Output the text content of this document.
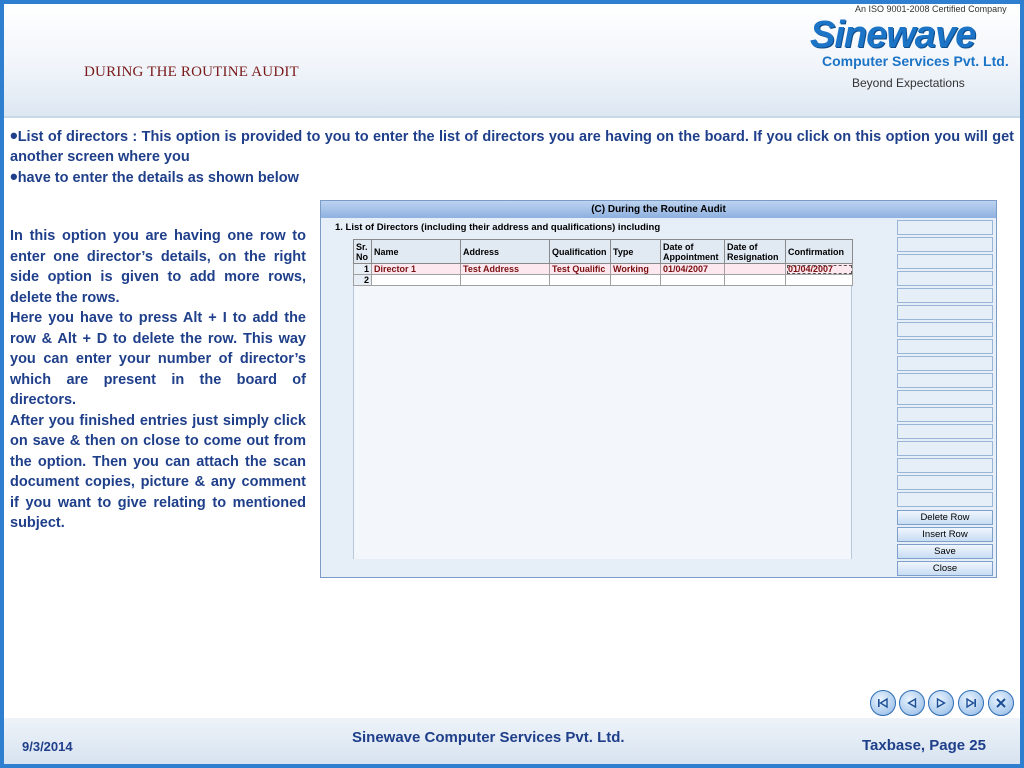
DURING THE ROUTINE AUDIT
An ISO 9001-2008 Certified Company
Sinewave
Computer Services Pvt. Ltd.
Beyond Expectations

•List of directors : This option is provided to you to enter the list of directors you are having on the board. If you click on this option you will get another screen where you

•have to enter the details as shown below

In this option you are having one row to enter one director’s details, on the right side option is given to add more rows, delete the rows.

Here you have to press Alt + I to add the row & Alt + D to delete the row. This way you can enter your number of director’s which are present in the board of directors.

After you finished entries just simply click on save & then on close to come out from the option. Then you can attach the scan document copies, picture & any comment if you want to give relating to mentioned subject.

(C) During the Routine Audit
1. List of Directors (including their address and qualifications) including
Sr. No	Name	Address	Qualification	Type	Date of Appointment	Date of Resignation	Confirmation
1	Director 1	Test Address	Test Qualific	Working	01/04/2007		01/04/2007
2							
Delete Row
Insert Row
Save
Close
9/3/2014
Sinewave Computer Services Pvt. Ltd.	Taxbase, Page 25
